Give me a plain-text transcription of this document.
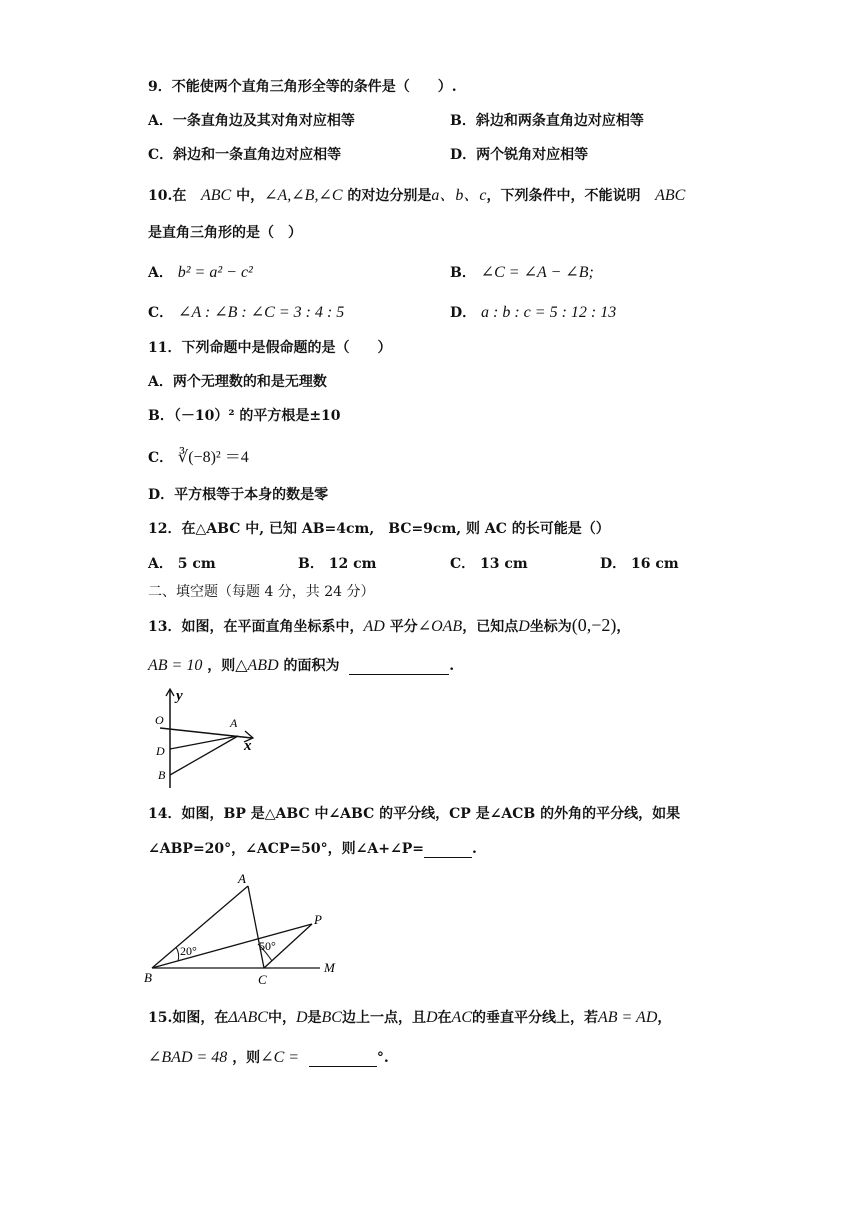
9．不能使两个直角三角形全等的条件是（　　）.
A．一条直角边及其对角对应相等	B．斜边和两条直角边对应相等
C．斜边和一条直角边对应相等	D．两个锐角对应相等
10.在 ABC 中，∠A,∠B,∠C 的对边分别是a、b、c，下列条件中，不能说明 ABC
是直角三角形的是（　）
A． b² = a² − c²	B． ∠C = ∠A − ∠B;
C． ∠A : ∠B : ∠C = 3 : 4 : 5	D． a : b : c = 5 : 12 : 13
11．下列命题中是假命题的是（　　）
A．两个无理数的和是无理数
B．（－10）² 的平方根是±10
C． ∛(−8)² ＝4
D．平方根等于本身的数是零
12．在△ABC 中, 已知 AB=4cm,　BC=9cm, 则 AC 的长可能是（）
A． 5 cm	B． 12 cm	C． 13 cm	D． 16 cm
二、填空题（每题 4 分，共 24 分）
13．如图，在平面直角坐标系中，AD 平分∠OAB，已知点D坐标为(0,−2)，
AB = 10 ，则△ABD 的面积为	.
y
O	A
x
D
B
14．如图，BP 是△ABC 中∠ABC 的平分线，CP 是∠ACB 的外角的平分线，如果
∠ABP=20°，∠ACP=50°，则∠A+∠P=	.
A
P
20°	50°
B	C
M
15.如图，在ΔABC中，D是BC边上一点，且D在AC的垂直平分线上，若AB = AD，
∠BAD = 48 ，则∠C =	°.
